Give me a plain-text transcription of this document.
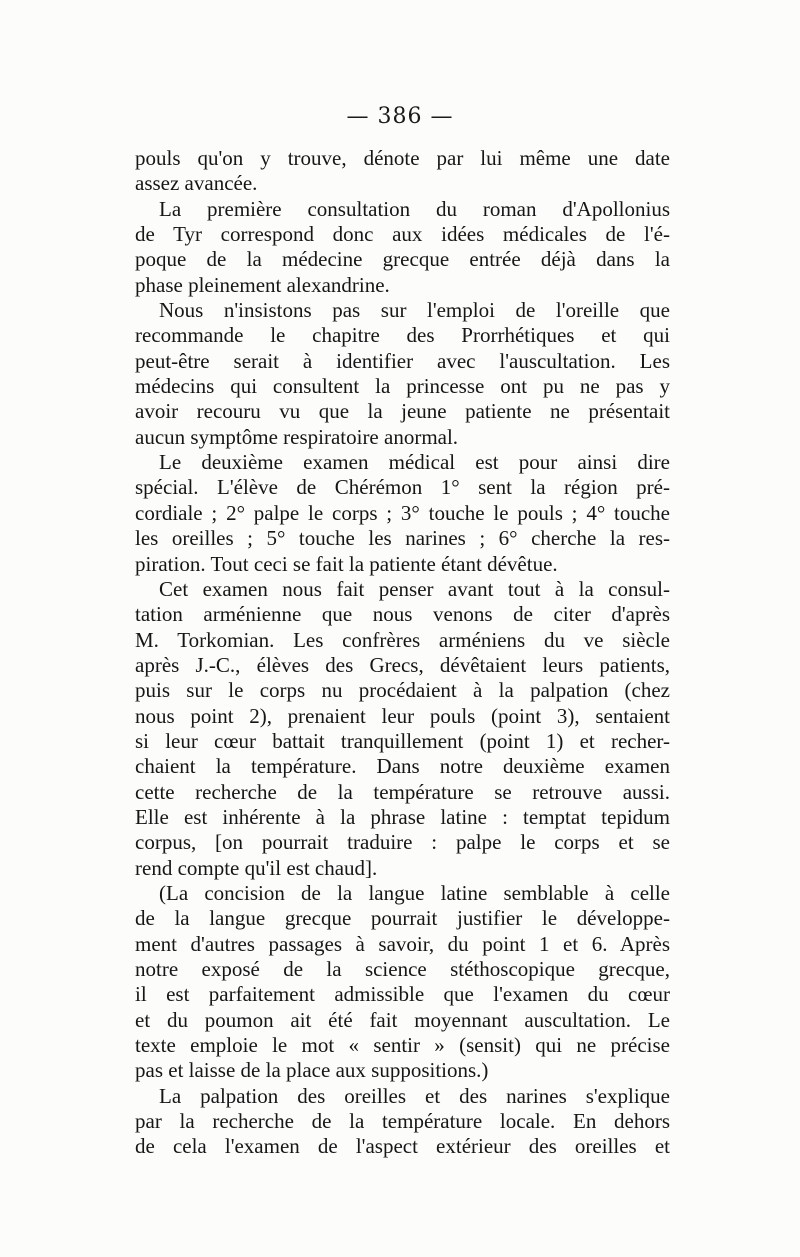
— 386 —
pouls qu'on y trouve, dénote par lui même une date
assez avancée.
La première consultation du roman d'Apollonius
de Tyr correspond donc aux idées médicales de l'é-
poque de la médecine grecque entrée déjà dans la
phase pleinement alexandrine.
Nous n'insistons pas sur l'emploi de l'oreille que
recommande le chapitre des Prorrhétiques et qui
peut-être serait à identifier avec l'auscultation. Les
médecins qui consultent la princesse ont pu ne pas y
avoir recouru vu que la jeune patiente ne présentait
aucun symptôme respiratoire anormal.
Le deuxième examen médical est pour ainsi dire
spécial. L'élève de Chérémon 1° sent la région pré-
cordiale ; 2° palpe le corps ; 3° touche le pouls ; 4° touche
les oreilles ; 5° touche les narines ; 6° cherche la res-
piration. Tout ceci se fait la patiente étant dévêtue.
Cet examen nous fait penser avant tout à la consul-
tation arménienne que nous venons de citer d'après
M. Torkomian. Les confrères arméniens du ve siècle
après J.-C., élèves des Grecs, dévêtaient leurs patients,
puis sur le corps nu procédaient à la palpation (chez
nous point 2), prenaient leur pouls (point 3), sentaient
si leur cœur battait tranquillement (point 1) et recher-
chaient la température. Dans notre deuxième examen
cette recherche de la température se retrouve aussi.
Elle est inhérente à la phrase latine : temptat tepidum
corpus, [on pourrait traduire : palpe le corps et se
rend compte qu'il est chaud].
(La concision de la langue latine semblable à celle
de la langue grecque pourrait justifier le développe-
ment d'autres passages à savoir, du point 1 et 6. Après
notre exposé de la science stéthoscopique grecque,
il est parfaitement admissible que l'examen du cœur
et du poumon ait été fait moyennant auscultation. Le
texte emploie le mot « sentir » (sensit) qui ne précise
pas et laisse de la place aux suppositions.)
La palpation des oreilles et des narines s'explique
par la recherche de la température locale. En dehors
de cela l'examen de l'aspect extérieur des oreilles et
